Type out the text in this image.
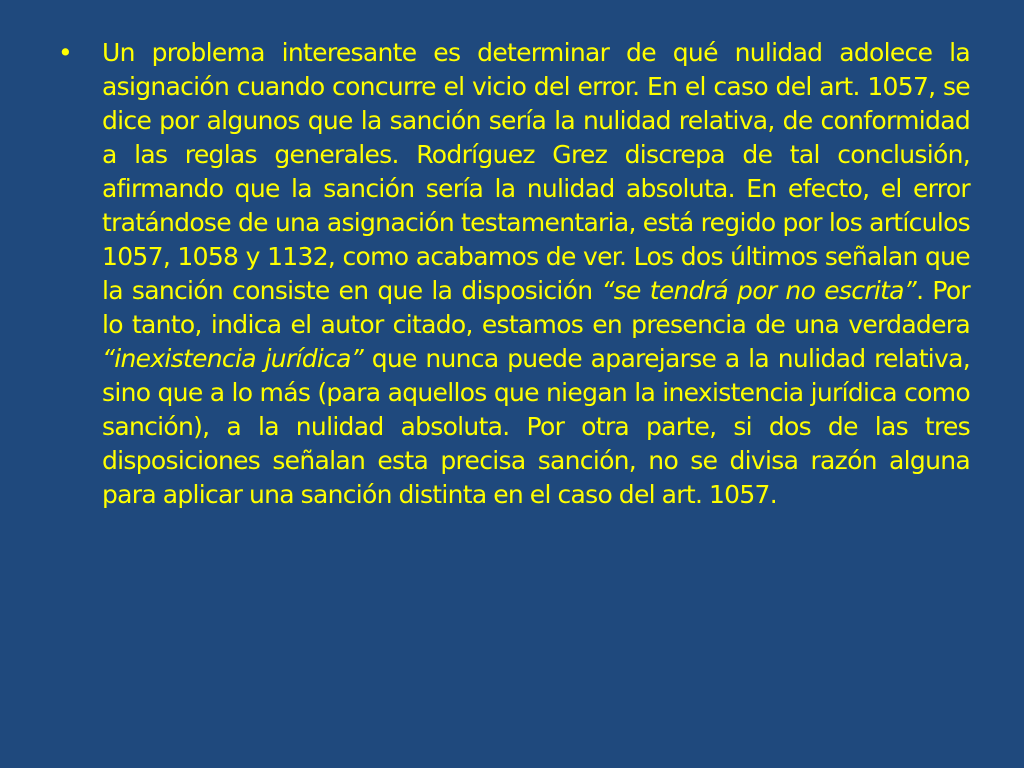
•	Un problema interesante es determinar de qué nulidad adolece la asignación cuando concurre el vicio del error. En el caso del art. 1057, se dice por algunos que la sanción sería la nulidad relativa, de conformidad a las reglas generales. Rodríguez Grez discrepa de tal conclusión, afirmando que la sanción sería la nulidad absoluta. En efecto, el error tratándose de una asignación testamentaria, está regido por los artículos 1057, 1058 y 1132, como acabamos de ver. Los dos últimos señalan que la sanción consiste en que la disposición “se tendrá por no escrita”. Por lo tanto, indica el autor citado, estamos en presencia de una verdadera “inexistencia jurídica” que nunca puede aparejarse a la nulidad relativa, sino que a lo más (para aquellos que niegan la inexistencia jurídica como sanción), a la nulidad absoluta. Por otra parte, si dos de las tres disposiciones señalan esta precisa sanción, no se divisa razón alguna para aplicar una sanción distinta en el caso del art. 1057.
